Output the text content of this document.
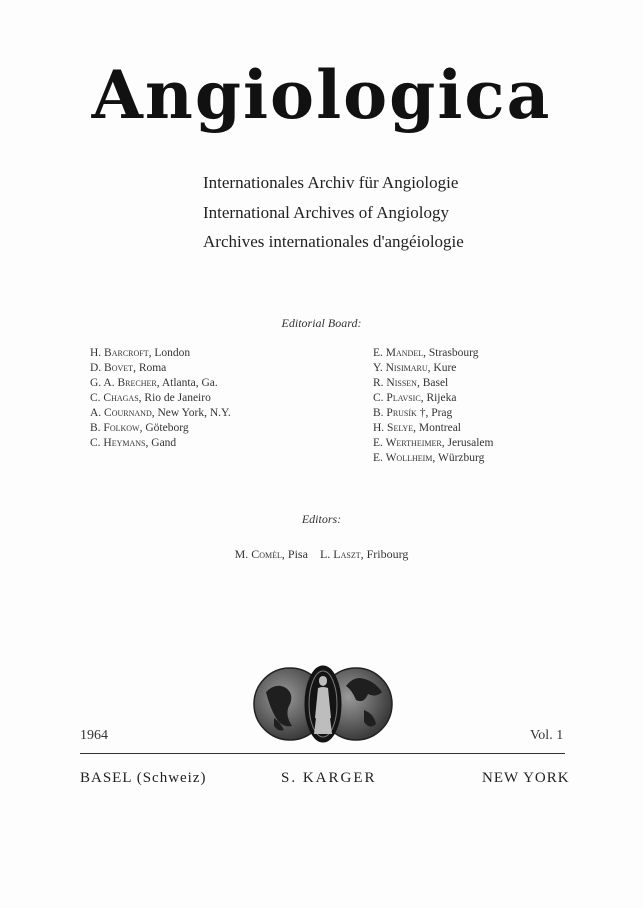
Angiologica
Internationales Archiv für Angiologie
International Archives of Angiology
Archives internationales d'angéiologie
Editorial Board:
H. Barcroft, London
D. Bovet, Roma
G. A. Brecher, Atlanta, Ga.
C. Chagas, Rio de Janeiro
A. Cournand, New York, N.Y.
B. Folkow, Göteborg
C. Heymans, Gand
E. Mandel, Strasbourg
Y. Nisimaru, Kure
R. Nissen, Basel
C. Plavsic, Rijeka
B. Prusík †, Prag
H. Selye, Montreal
E. Wertheimer, Jerusalem
E. Wollheim, Würzburg
Editors:
M. Comèl, Pisa L. Laszt, Fribourg
1964	Vol. 1
BASEL (Schweiz)	S. KARGER	NEW YORK
